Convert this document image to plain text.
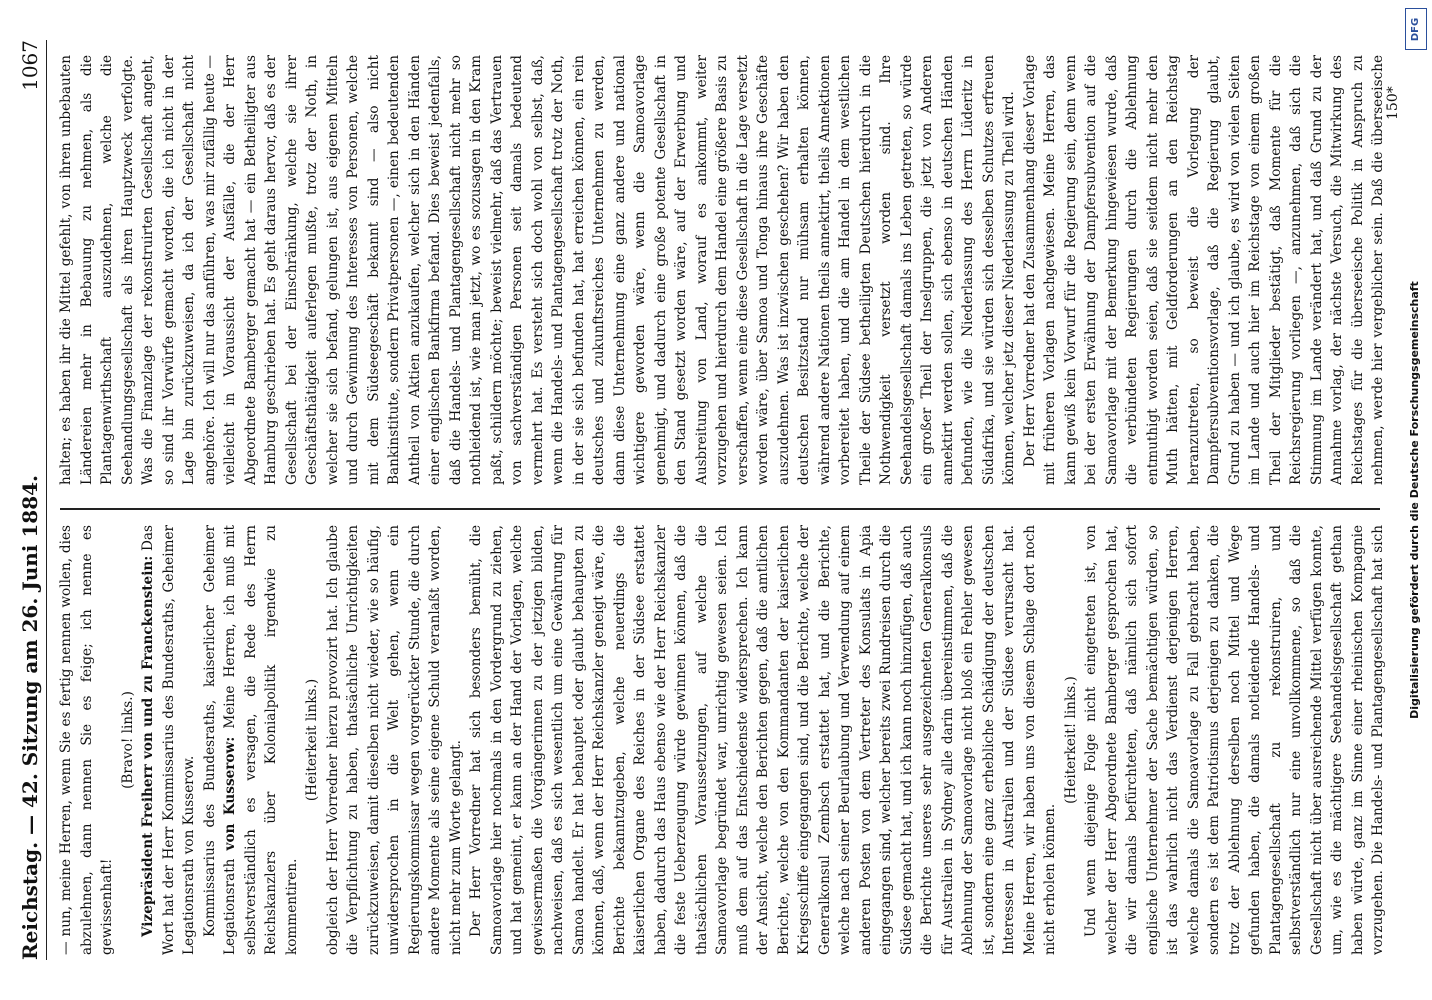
Reichstag. — 42. Sitzung am 26. Juni 1884.
1067

— nun, meine Herren, wenn Sie es fertig nennen wollen, dies abzulehnen, dann nennen Sie es feige; ich nenne es gewissenhaft!

(Bravo! links.) Vizepräsident Freiherr von und zu Franckenstein: Das Wort hat der Herr Kommissarius des Bundesraths, Geheimer Legationsrath von Kusserow. Kommissarius des Bundesraths, kaiserlicher Geheimer Legationsrath von Kusserow: Meine Herren, ich muß mit selbstverständlich es versagen, die Rede des Herrn Reichskanzlers über Kolonialpolitik irgendwie zu kommentiren.

(Heiterkeit links.) obgleich der Herr Vorredner hierzu provozirt hat. Ich glaube die Verpflichtung zu haben, thatsächliche Unrichtigkeiten zurückzuweisen, damit dieselben nicht wieder, wie so häufig, unwidersprochen in die Welt gehen, wenn ein Regierungskommissar wegen vorgerückter Stunde, die durch andere Momente als seine eigene Schuld veranlaßt worden, nicht mehr zum Worte gelangt. Der Herr Vorredner hat sich besonders bemüht, die Samoavorlage hier nochmals in den Vordergrund zu ziehen, und hat gemeint, er kann an der Hand der Vorlagen, welche gewissermaßen die Vorgängerinnen zu der jetzigen bilden, nachweisen, daß es sich wesentlich um eine Gewährung für Samoa handelt. Er hat behauptet oder glaubt behaupten zu können, daß, wenn der Herr Reichskanzler geneigt wäre, die Berichte bekanntzugeben, welche neuerdings die kaiserlichen Organe des Reiches in der Südsee erstattet haben, dadurch das Haus ebenso wie der Herr Reichskanzler die feste Ueberzeugung würde gewinnen können, daß die thatsächlichen Voraussetzungen, auf welche die Samoavorlage begründet war, unrichtig gewesen seien. Ich muß dem auf das Entschiedenste widersprechen. Ich kann der Ansicht, welche den Berichten gegen, daß die amtlichen Berichte, welche von den Kommandanten der kaiserlichen Kriegsschiffe eingegangen sind, und die Berichte, welche der Generalkonsul Zembsch erstattet hat, und die Berichte, welche nach seiner Beurlaubung und Verwendung auf einem anderen Posten von dem Vertreter des Konsulats in Apia eingegangen sind, welcher bereits zwei Rundreisen durch die Südsee gemacht hat, und ich kann noch hinzufügen, daß auch die Berichte unseres sehr ausgezeichneten Generalkonsuls für Australien in Sydney alle darin übereinstimmen, daß die Ablehnung der Samoavorlage nicht bloß ein Fehler gewesen ist, sondern eine ganz erhebliche Schädigung der deutschen Interessen in Australien und der Südsee verursacht hat. Meine Herren, wir haben uns von diesem Schlage dort noch nicht erholen können.

(Heiterkeit! links.)

Und wenn diejenige Folge nicht eingetreten ist, von welcher der Herr Abgeordnete Bamberger gesprochen hat, die wir damals befürchteten, daß nämlich sich sofort englische Unternehmer der Sache bemächtigen würden, so ist das wahrlich nicht das Verdienst derjenigen Herren, welche damals die Samoavorlage zu Fall gebracht haben, sondern es ist dem Patriotismus derjenigen zu danken, die trotz der Ablehnung derselben noch Mittel und Wege gefunden haben, die damals notleidende Handels- und Plantagengesellschaft zu rekonstruiren, und selbstverständlich nur eine unvollkommene, so daß die Gesellschaft nicht über ausreichende Mittel verfügen konnte, um, wie es die mächtigere Seehandelsgesellschaft gethan haben würde, ganz im Sinne einer rheinischen Kompagnie vorzugehen. Die Handels- und Plantagengesellschaft hat sich

halten; es haben ihr die Mittel gefehlt, von ihren unbebauten Ländereien mehr in Bebauung zu nehmen, als die Plantagenwirthschaft auszudehnen, welche die Seehandlungsgesellschaft als ihren Hauptzweck verfolgte. Was die Finanzlage der rekonstruirten Gesellschaft angeht, so sind ihr Vorwürfe gemacht worden, die ich nicht in der Lage bin zurückzuweisen, da ich der Gesellschaft nicht angehöre. Ich will nur das anführen, was mir zufällig heute — vielleicht in Voraussicht der Ausfälle, die der Herr Abgeordnete Bamberger gemacht hat — ein Betheiligter aus Hamburg geschrieben hat. Es geht daraus hervor, daß es der Gesellschaft bei der Einschränkung, welche sie ihrer Geschäftsthätigkeit auferlegen mußte, trotz der Noth, in welcher sie sich befand, gelungen ist, aus eigenen Mitteln und durch Gewinnung des Interesses von Personen, welche mit dem Südseegeschäft bekannt sind — also nicht Bankinstitute, sondern Privatpersonen —, einen bedeutenden Antheil von Aktien anzukaufen, welcher sich in den Händen einer englischen Bankfirma befand. Dies beweist jedenfalls, daß die Handels- und Plantagengesellschaft nicht mehr so nothleidend ist, wie man jetzt, wo es sozusagen in den Kram paßt, schildern möchte; beweist vielmehr, daß das Vertrauen von sachverständigen Personen seit damals bedeutend vermehrt hat. Es versteht sich doch wohl von selbst, daß, wenn die Handels- und Plantagengesellschaft trotz der Noth, in der sie sich befunden hat, hat erreichen können, ein rein deutsches und zukunftsreiches Unternehmen zu werden, dann diese Unternehmung eine ganz andere und national wichtigere geworden wäre, wenn die Samoavorlage genehmigt, und dadurch eine große potente Gesellschaft in den Stand gesetzt worden wäre, auf der Erwerbung und Ausbreitung von Land, worauf es ankommt, weiter vorzugehen und hierdurch dem Handel eine größere Basis zu verschaffen, wenn eine diese Gesellschaft in die Lage versetzt worden wäre, über Samoa und Tonga hinaus ihre Geschäfte auszudehnen. Was ist inzwischen geschehen? Wir haben den deutschen Besitzstand nur mühsam erhalten können, während andere Nationen theils annektirt, theils Annektionen vorbereitet haben, und die am Handel in dem westlichen Theile der Südsee betheiligten Deutschen hierdurch in die Nothwendigkeit versetzt worden sind. Ihre Seehandelsgesellschaft damals ins Leben getreten, so würde ein großer Theil der Inselgruppen, die jetzt von Anderen annektirt werden sollen, sich ebenso in deutschen Händen befunden, wie die Niederlassung des Herrn Lüderitz in Südafrika, und sie würden sich desselben Schutzes erfreuen können, welcher jetz dieser Niederlassung zu Theil wird. Der Herr Vorredner hat den Zusammenhang dieser Vorlage mit früheren Vorlagen nachgewiesen. Meine Herren, das kann gewiß kein Vorwurf für die Regierung sein, denn wenn bei der ersten Erwähnung der Dampfersubvention auf die Samoavorlage mit der Bemerkung hingewiesen wurde, daß die verbündeten Regierungen durch die Ablehnung entmuthigt worden seien, daß sie seitdem nicht mehr den Muth hätten, mit Geldforderungen an den Reichstag heranzutreten, so beweist die Vorlegung der Dampfersubventionsvorlage, daß die Regierung glaubt, Grund zu haben — und ich glaube, es wird von vielen Seiten im Lande und auch hier im Reichstage von einem großen Theil der Mitglieder bestätigt, daß Momente für die Reichsregierung vorliegen —, anzunehmen, daß sich die Stimmung im Lande verändert hat, und daß Grund zu der Annahme vorlag, der nächste Versuch, die Mitwirkung des Reichstages für die überseeische Politik in Anspruch zu nehmen, werde hier vergeblicher sein. Daß die überseeische 150*
Digitalisierung gefördert durch die Deutsche Forschungsgemeinschaft
DFG
